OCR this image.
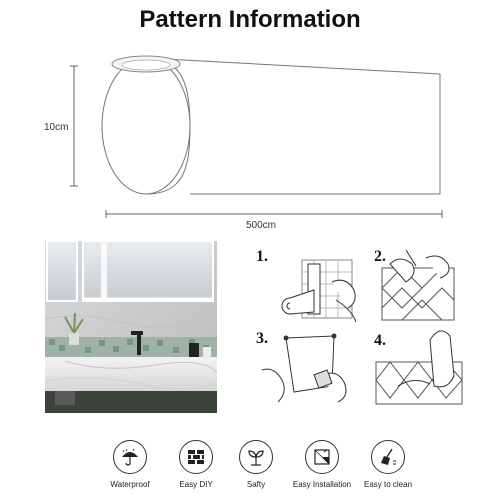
Pattern Information
10cm
500cm
1.	2.
3.	4.
Waterproof	Easy DIY	Safty	Easy Installation	Easy to clean
